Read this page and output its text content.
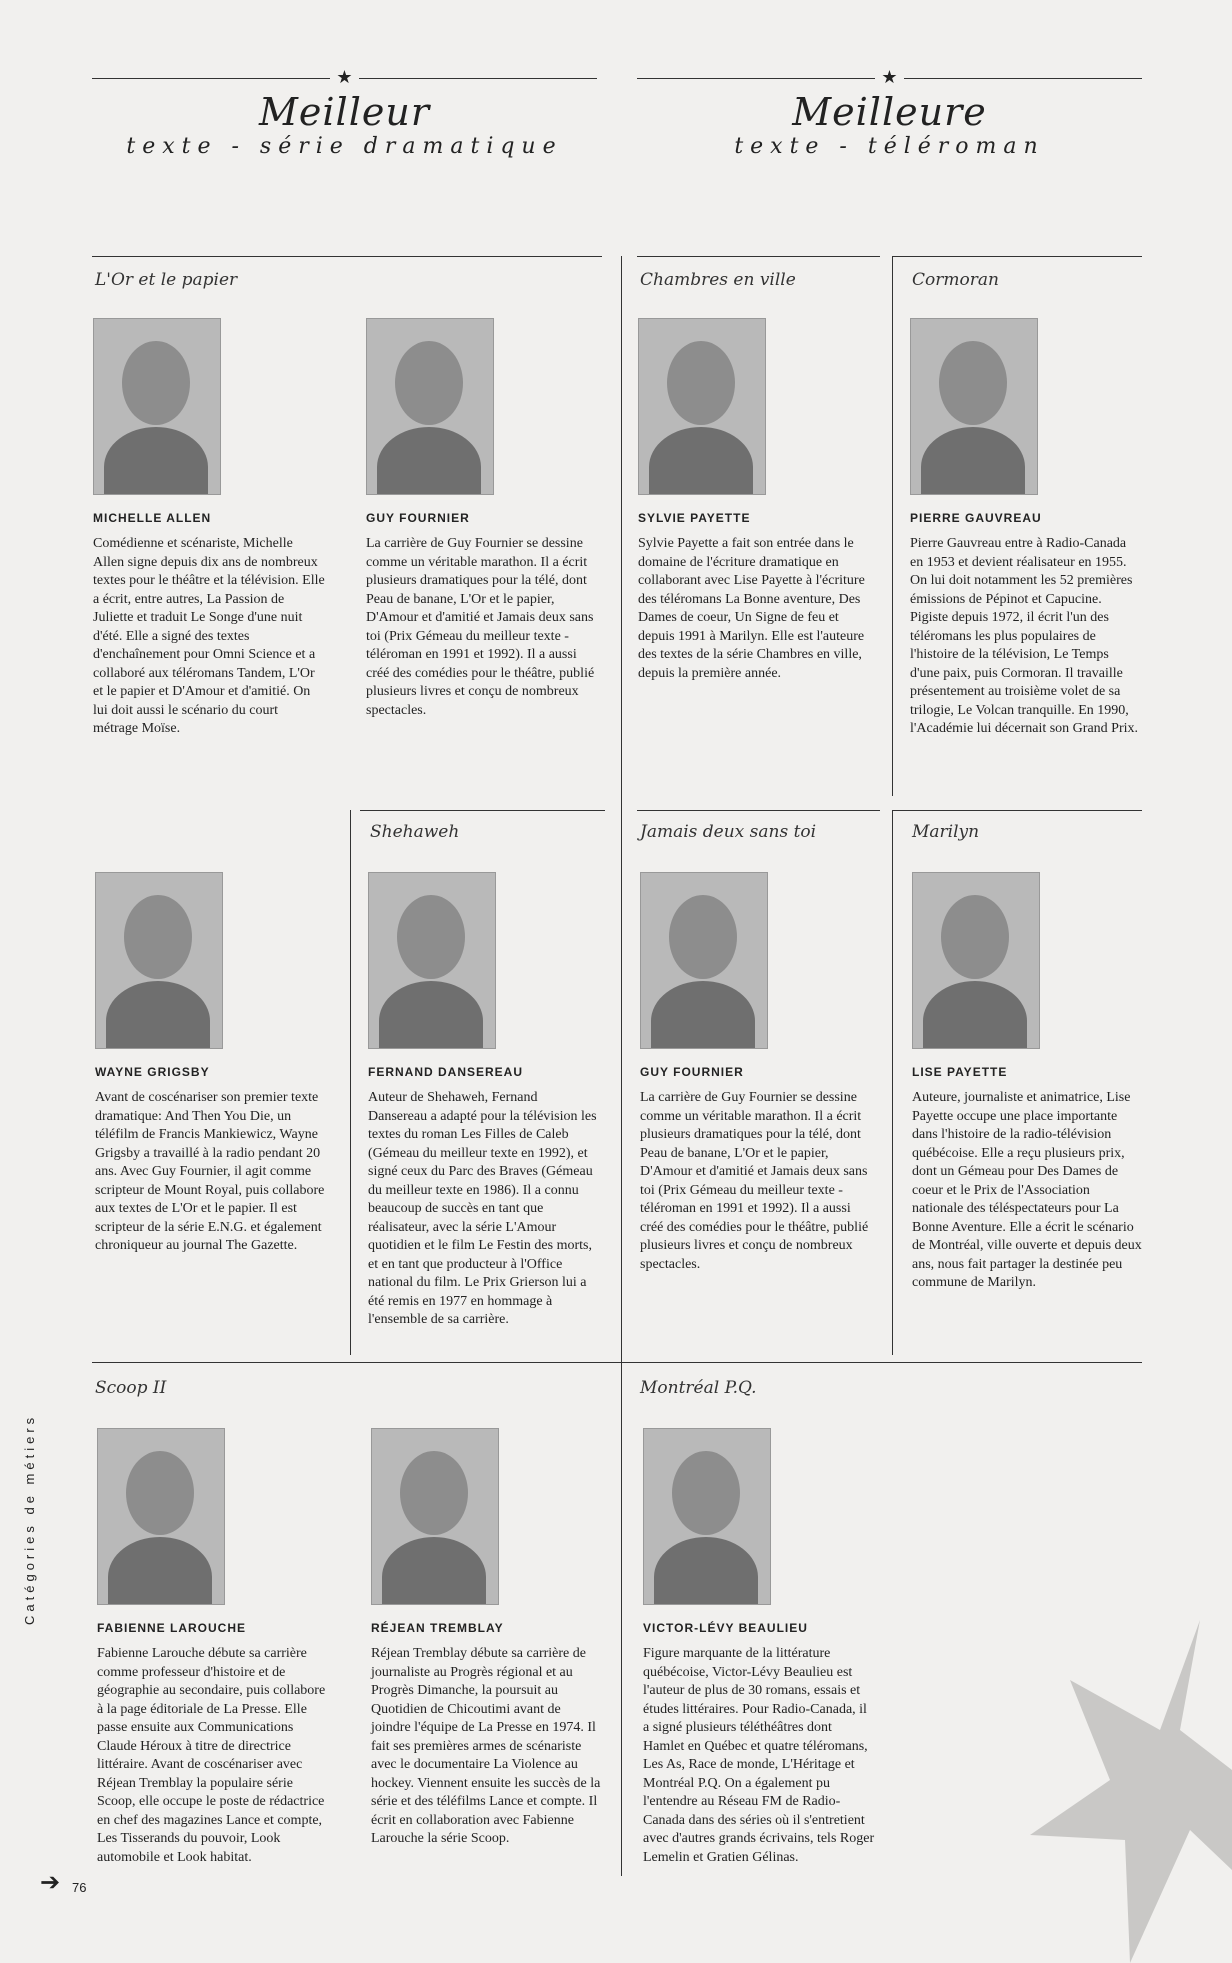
★
Meilleur
texte - série dramatique
★
Meilleure
texte - téléroman
L'Or et le papier	Chambres en ville	Cormoran
Shehaweh	Jamais deux sans toi	Marilyn
Scoop II	Montréal P.Q.
MICHELLE ALLEN
Comédienne et scénariste, Michelle Allen signe depuis dix ans de nombreux textes pour le théâtre et la télévision. Elle a écrit, entre autres, La Passion de Juliette et traduit Le Songe d'une nuit d'été. Elle a signé des textes d'enchaînement pour Omni Science et a collaboré aux téléromans Tandem, L'Or et le papier et D'Amour et d'amitié. On lui doit aussi le scénario du court métrage Moïse.
GUY FOURNIER
La carrière de Guy Fournier se dessine comme un véritable marathon. Il a écrit plusieurs dramatiques pour la télé, dont Peau de banane, L'Or et le papier, D'Amour et d'amitié et Jamais deux sans toi (Prix Gémeau du meilleur texte - téléroman en 1991 et 1992). Il a aussi créé des comédies pour le théâtre, publié plusieurs livres et conçu de nombreux spectacles.
SYLVIE PAYETTE
Sylvie Payette a fait son entrée dans le domaine de l'écriture dramatique en collaborant avec Lise Payette à l'écriture des téléromans La Bonne aventure, Des Dames de coeur, Un Signe de feu et depuis 1991 à Marilyn. Elle est l'auteure des textes de la série Chambres en ville, depuis la première année.
PIERRE GAUVREAU
Pierre Gauvreau entre à Radio-Canada en 1953 et devient réalisateur en 1955. On lui doit notamment les 52 premières émissions de Pépinot et Capucine. Pigiste depuis 1972, il écrit l'un des téléromans les plus populaires de l'histoire de la télévision, Le Temps d'une paix, puis Cormoran. Il travaille présentement au troisième volet de sa trilogie, Le Volcan tranquille. En 1990, l'Académie lui décernait son Grand Prix.
WAYNE GRIGSBY
Avant de coscénariser son premier texte dramatique: And Then You Die, un téléfilm de Francis Mankiewicz, Wayne Grigsby a travaillé à la radio pendant 20 ans. Avec Guy Fournier, il agit comme scripteur de Mount Royal, puis collabore aux textes de L'Or et le papier. Il est scripteur de la série E.N.G. et également chroniqueur au journal The Gazette.
FERNAND DANSEREAU
Auteur de Shehaweh, Fernand Dansereau a adapté pour la télévision les textes du roman Les Filles de Caleb (Gémeau du meilleur texte en 1992), et signé ceux du Parc des Braves (Gémeau du meilleur texte en 1986). Il a connu beaucoup de succès en tant que réalisateur, avec la série L'Amour quotidien et le film Le Festin des morts, et en tant que producteur à l'Office national du film. Le Prix Grierson lui a été remis en 1977 en hommage à l'ensemble de sa carrière.
GUY FOURNIER
La carrière de Guy Fournier se dessine comme un véritable marathon. Il a écrit plusieurs dramatiques pour la télé, dont Peau de banane, L'Or et le papier, D'Amour et d'amitié et Jamais deux sans toi (Prix Gémeau du meilleur texte - téléroman en 1991 et 1992). Il a aussi créé des comédies pour le théâtre, publié plusieurs livres et conçu de nombreux spectacles.
LISE PAYETTE
Auteure, journaliste et animatrice, Lise Payette occupe une place importante dans l'histoire de la radio-télévision québécoise. Elle a reçu plusieurs prix, dont un Gémeau pour Des Dames de coeur et le Prix de l'Association nationale des téléspectateurs pour La Bonne Aventure. Elle a écrit le scénario de Montréal, ville ouverte et depuis deux ans, nous fait partager la destinée peu commune de Marilyn.
FABIENNE LAROUCHE
Fabienne Larouche débute sa carrière comme professeur d'histoire et de géographie au secondaire, puis collabore à la page éditoriale de La Presse. Elle passe ensuite aux Communications Claude Héroux à titre de directrice littéraire. Avant de coscénariser avec Réjean Tremblay la populaire série Scoop, elle occupe le poste de rédactrice en chef des magazines Lance et compte, Les Tisserands du pouvoir, Look automobile et Look habitat.
RÉJEAN TREMBLAY
Réjean Tremblay débute sa carrière de journaliste au Progrès régional et au Progrès Dimanche, la poursuit au Quotidien de Chicoutimi avant de joindre l'équipe de La Presse en 1974. Il fait ses premières armes de scénariste avec le documentaire La Violence au hockey. Viennent ensuite les succès de la série et des téléfilms Lance et compte. Il écrit en collaboration avec Fabienne Larouche la série Scoop.
VICTOR-LÉVY BEAULIEU
Figure marquante de la littérature québécoise, Victor-Lévy Beaulieu est l'auteur de plus de 30 romans, essais et études littéraires. Pour Radio-Canada, il a signé plusieurs téléthéâtres dont Hamlet en Québec et quatre téléromans, Les As, Race de monde, L'Héritage et Montréal P.Q. On a également pu l'entendre au Réseau FM de Radio-Canada dans des séries où il s'entretient avec d'autres grands écrivains, tels Roger Lemelin et Gratien Gélinas.
Catégories de métiers
➔ 76
